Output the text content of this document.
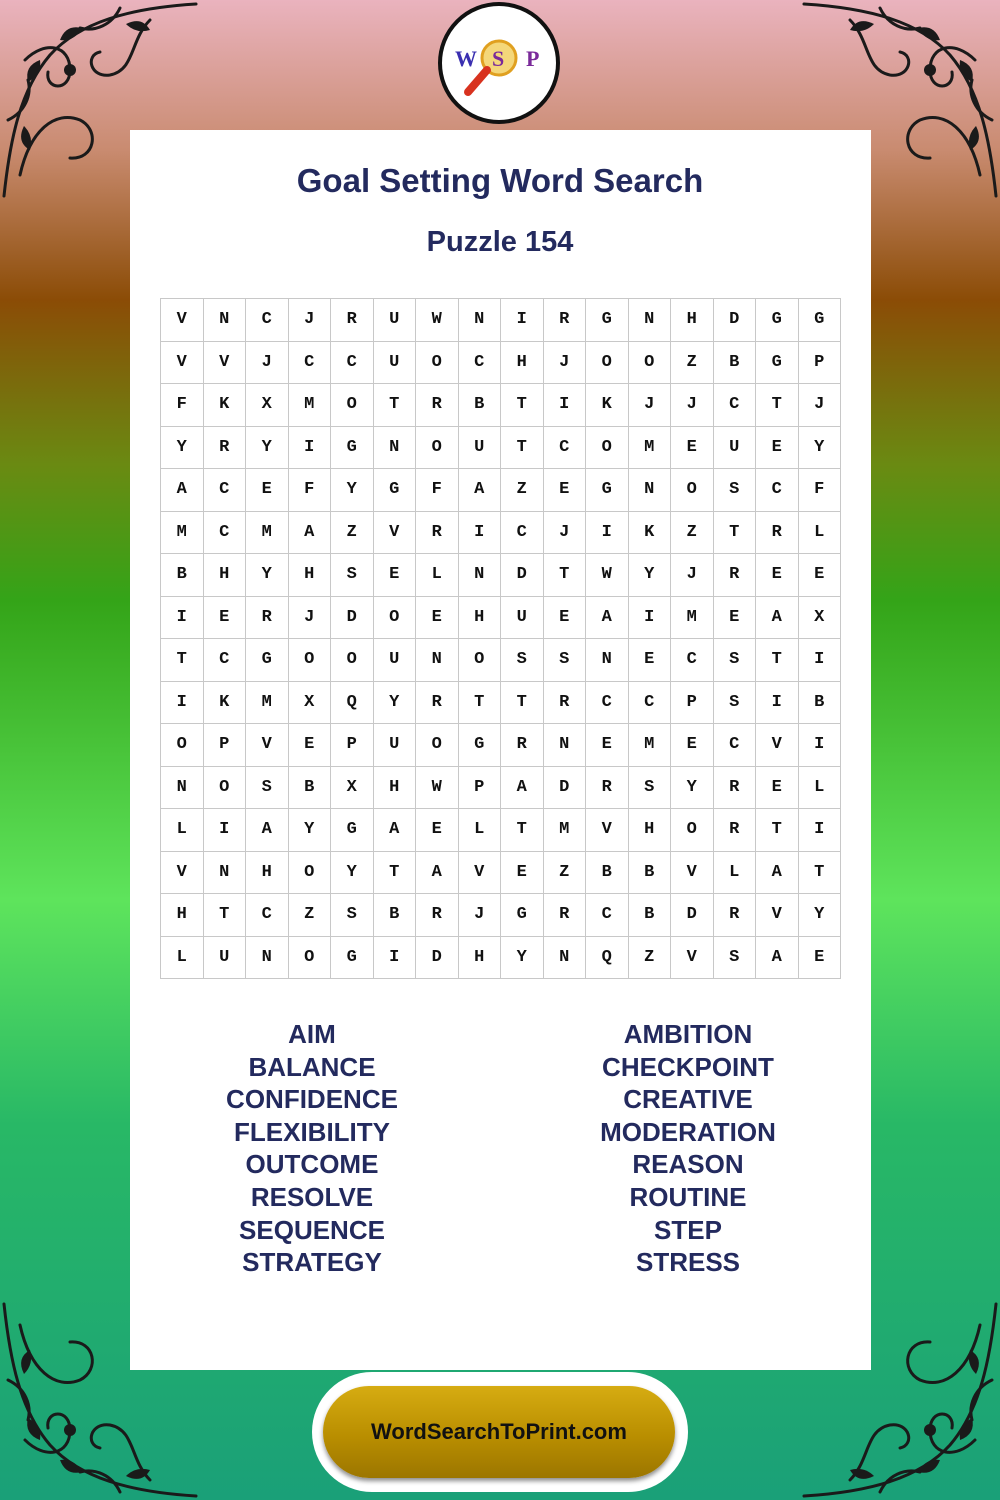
W S P
Goal Setting Word Search
Puzzle 154
V	N	C	J	R	U	W	N	I	R	G	N	H	D	G	G
V	V	J	C	C	U	O	C	H	J	O	O	Z	B	G	P
F	K	X	M	O	T	R	B	T	I	K	J	J	C	T	J
Y	R	Y	I	G	N	O	U	T	C	O	M	E	U	E	Y
A	C	E	F	Y	G	F	A	Z	E	G	N	O	S	C	F
M	C	M	A	Z	V	R	I	C	J	I	K	Z	T	R	L
B	H	Y	H	S	E	L	N	D	T	W	Y	J	R	E	E
I	E	R	J	D	O	E	H	U	E	A	I	M	E	A	X
T	C	G	O	O	U	N	O	S	S	N	E	C	S	T	I
I	K	M	X	Q	Y	R	T	T	R	C	C	P	S	I	B
O	P	V	E	P	U	O	G	R	N	E	M	E	C	V	I
N	O	S	B	X	H	W	P	A	D	R	S	Y	R	E	L
L	I	A	Y	G	A	E	L	T	M	V	H	O	R	T	I
V	N	H	O	Y	T	A	V	E	Z	B	B	V	L	A	T
H	T	C	Z	S	B	R	J	G	R	C	B	D	R	V	Y
L	U	N	O	G	I	D	H	Y	N	Q	Z	V	S	A	E
AIM
BALANCE
CONFIDENCE
FLEXIBILITY
OUTCOME
RESOLVE
SEQUENCE
STRATEGY
AMBITION
CHECKPOINT
CREATIVE
MODERATION
REASON
ROUTINE
STEP
STRESS
WordSearchToPrint.com
